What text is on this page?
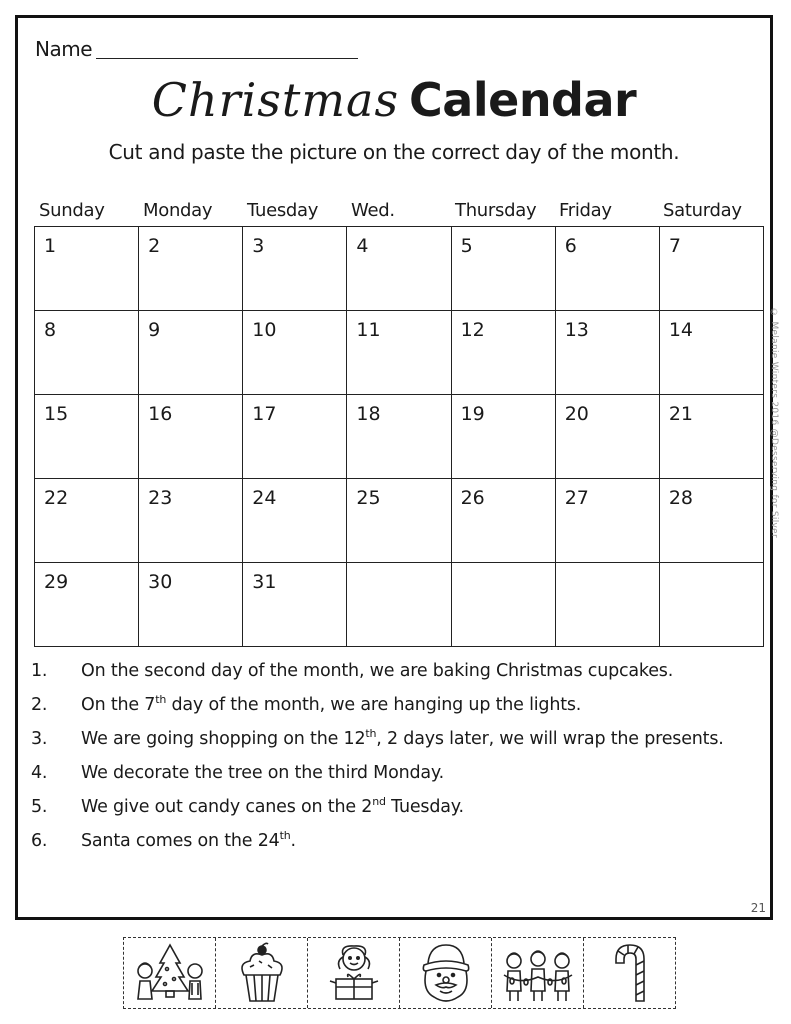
Name
Christmas Calendar
Cut and paste the picture on the correct day of the month.
Sunday	Monday	Tuesday	Wed.	Thursday	Friday	Saturday
1	2	3	4	5	6	7
8	9	10	11	12	13	14
15	16	17	18	19	20	21
22	23	24	25	26	27	28
29	30	31				
© Melanie Winters 2016 @Desserving for Silver
1.	On the second day of the month, we are baking Christmas cupcakes.
2.	On the 7th day of the month, we are hanging up the lights.
3.	We are going shopping on the 12th, 2 days later, we will wrap the presents.
4.	We decorate the tree on the third Monday.
5.	We give out candy canes on the 2nd Tuesday.
6.	Santa comes on the 24th.
21
